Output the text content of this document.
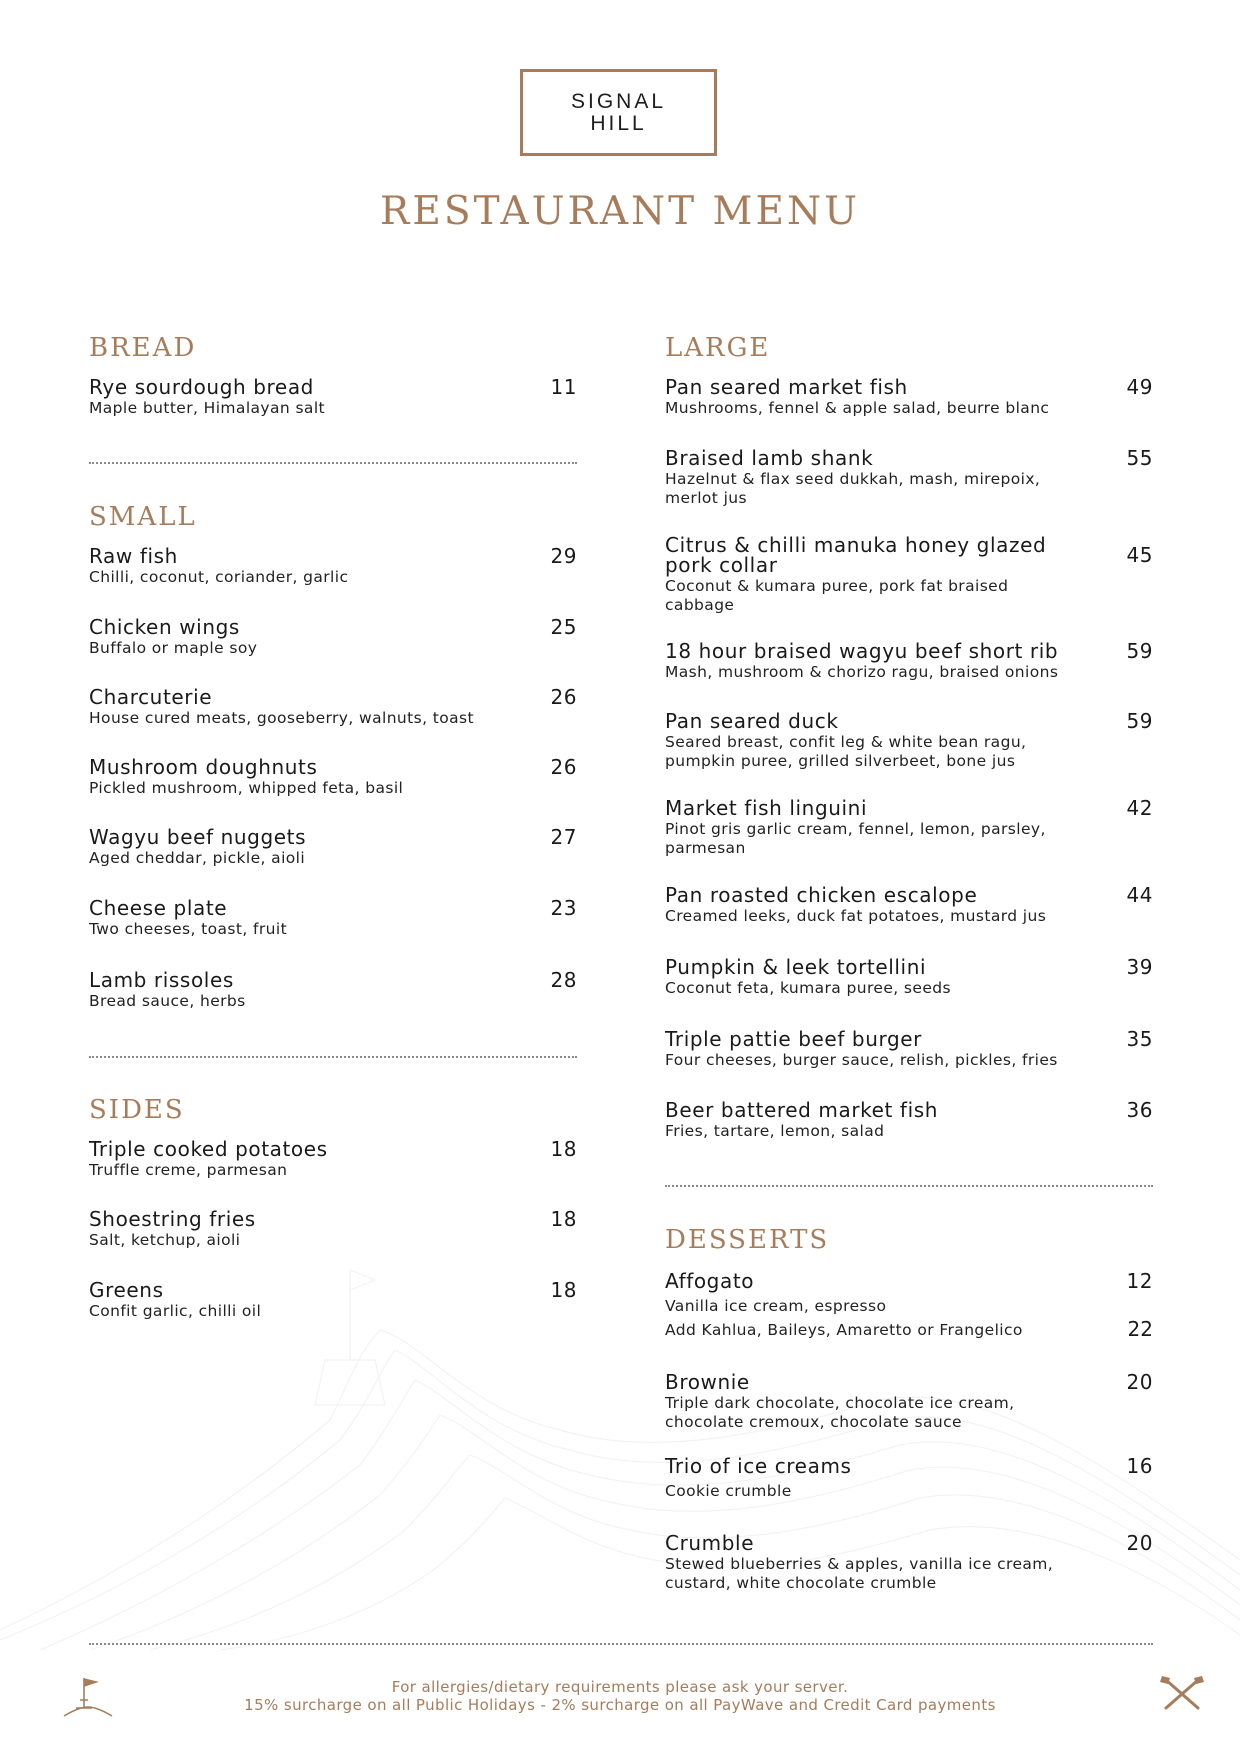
SIGNAL
HILL
RESTAURANT MENU
BREAD
Rye sourdough bread
Maple butter, Himalayan salt
11
SMALL
Raw fish
Chilli, coconut, coriander, garlic
29
Chicken wings
Buffalo or maple soy
25
Charcuterie
House cured meats, gooseberry, walnuts, toast
26
Mushroom doughnuts
Pickled mushroom, whipped feta, basil
26
Wagyu beef nuggets
Aged cheddar, pickle, aioli
27
Cheese plate
Two cheeses, toast, fruit
23
Lamb rissoles
Bread sauce, herbs
28
SIDES
Triple cooked potatoes
Truffle creme, parmesan
18
Shoestring fries
Salt, ketchup, aioli
18
Greens
Confit garlic, chilli oil
18
LARGE
Pan seared market fish
Mushrooms, fennel & apple salad, beurre blanc
49
Braised lamb shank
Hazelnut & flax seed dukkah, mash, mirepoix, merlot jus
55
Citrus & chilli manuka honey glazed pork collar
Coconut & kumara puree, pork fat braised cabbage
45
18 hour braised wagyu beef short rib
Mash, mushroom & chorizo ragu, braised onions
59
Pan seared duck
Seared breast, confit leg & white bean ragu, pumpkin puree, grilled silverbeet, bone jus
59
Market fish linguini
Pinot gris garlic cream, fennel, lemon, parsley, parmesan
42
Pan roasted chicken escalope
Creamed leeks, duck fat potatoes, mustard jus
44
Pumpkin & leek tortellini
Coconut feta, kumara puree, seeds
39
Triple pattie beef burger
Four cheeses, burger sauce, relish, pickles, fries
35
Beer battered market fish
Fries, tartare, lemon, salad
36
DESSERTS
Affogato
Vanilla ice cream, espresso
12
Add Kahlua, Baileys, Amaretto or Frangelico	22
Brownie
Triple dark chocolate, chocolate ice cream, chocolate cremoux, chocolate sauce
20
Trio of ice creams
Cookie crumble
16
Crumble
Stewed blueberries & apples, vanilla ice cream, custard, white chocolate crumble
20
For allergies/dietary requirements please ask your server.
15% surcharge on all Public Holidays - 2% surcharge on all PayWave and Credit Card payments
